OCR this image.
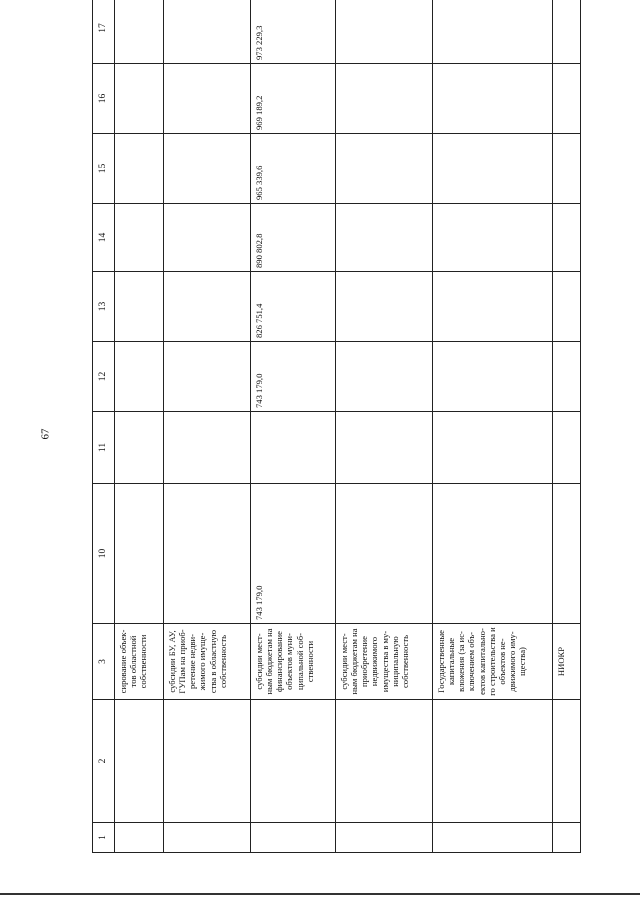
67
1	2	3	10	11	12	13	14	15	16	17
		сирование объек-тов областной собственности								
		субсидии БУ, АУ, ГУПам на приоб-ретение недви-жимого имуще-ства в областную собственность								
		субсидии мест-ным бюджетам на финансирование объектов муни-ципальной соб-ственности	743 179,0		743 179,0	826 751,4	890 802,8	965 339,6	969 189,2	973 229,3
		субсидии мест-ным бюджетам на приобретение недвижимого имущества в му-ниципальную собственность								
		Государственные капитальные вложения (за ис-ключением объ-ектов капитально-го строительства и объектов не-движимого иму-щества)								
		НИОКР								
